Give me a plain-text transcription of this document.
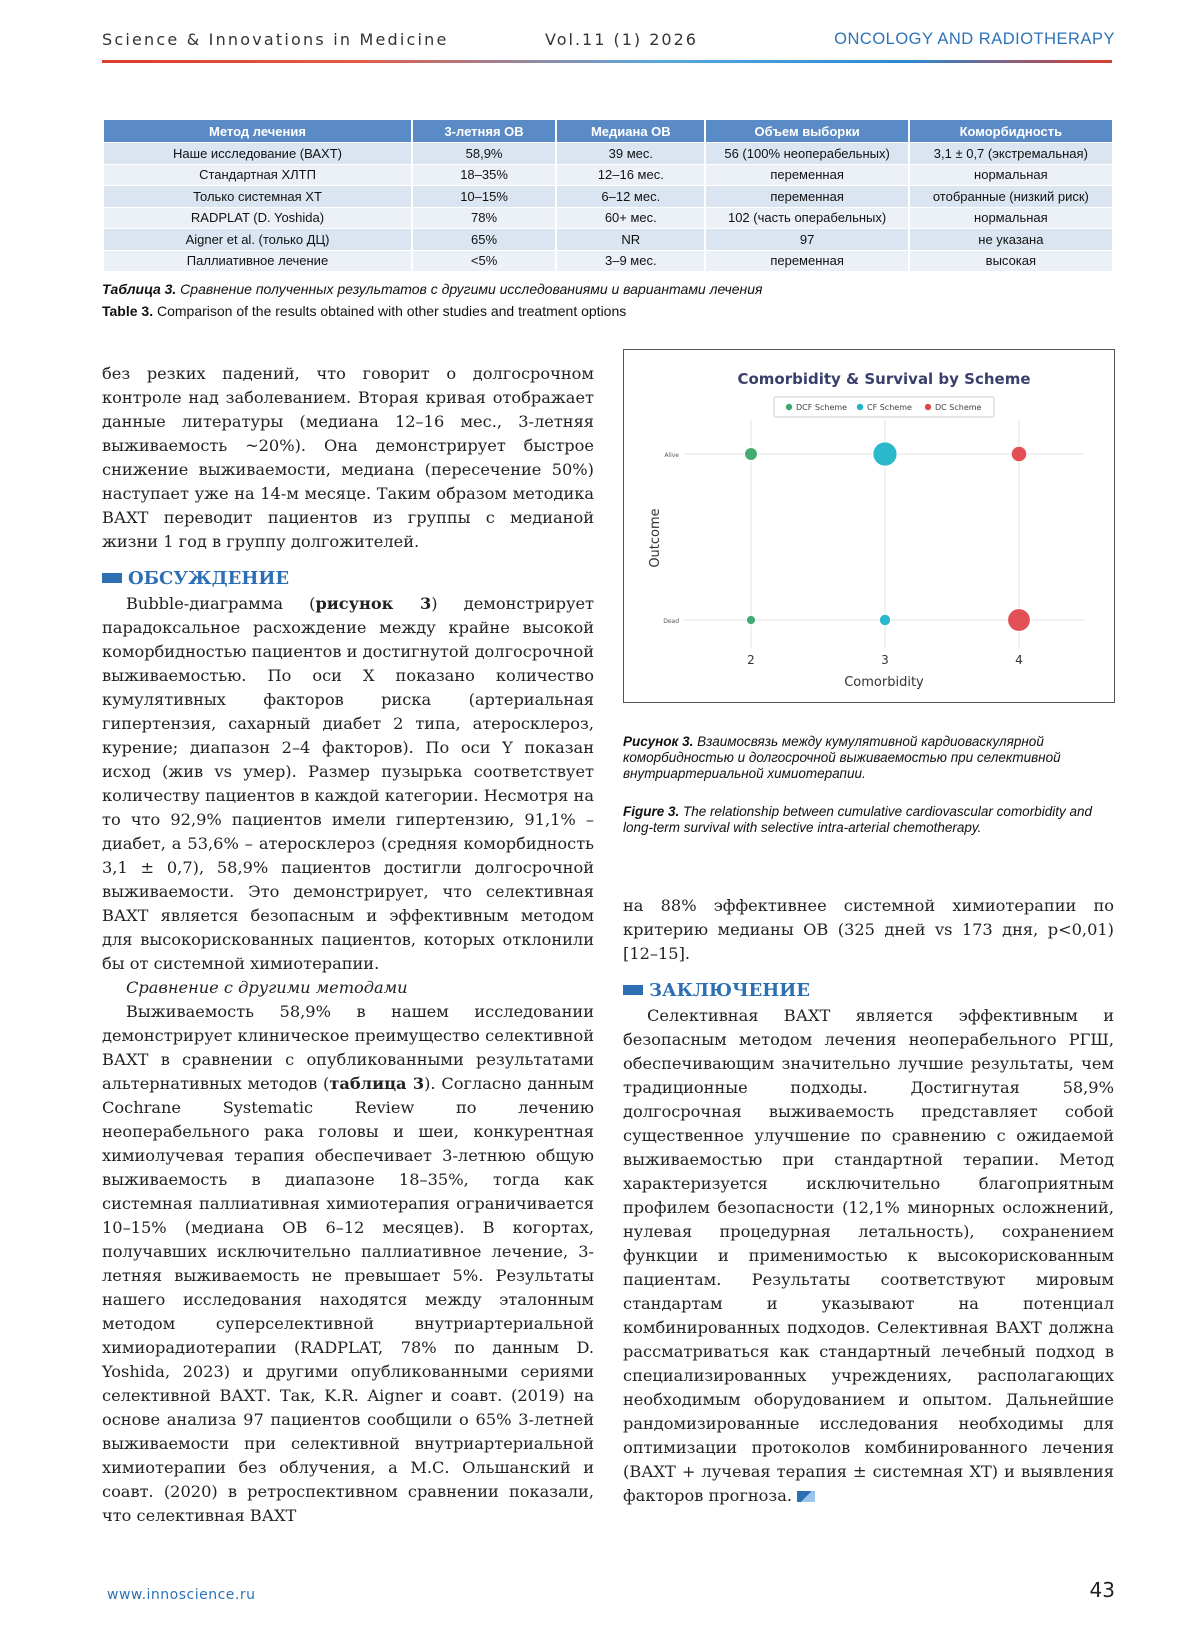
Science & Innovations in Medicine	Vol.11 (1) 2026	ONCOLOGY AND RADIOTHERAPY
Метод лечения	3-летняя ОВ	Медиана ОВ	Объем выборки	Коморбидность
Наше исследование (ВАХТ)	58,9%	39 мес.	56 (100% неоперабельных)	3,1 ± 0,7 (экстремальная)
Стандартная ХЛТП	18–35%	12–16 мес.	переменная	нормальная
Только системная ХТ	10–15%	6–12 мес.	переменная	отобранные (низкий риск)
RADPLAT (D. Yoshida)	78%	60+ мес.	102 (часть операбельных)	нормальная
Aigner et al. (только ДЦ)	65%	NR	97	не указана
Паллиативное лечение	<5%	3–9 мес.	переменная	высокая
Таблица 3. Сравнение полученных результатов с другими исследованиями и вариантами лечения
Table 3. Comparison of the results obtained with other studies and treatment options

без резких падений, что говорит о долгосрочном контроле над заболеванием. Вторая кривая отображает данные литературы (медиана 12–16 мес., 3-летняя выживаемость ~20%). Она демонстрирует быстрое снижение выживаемости, медиана (пересечение 50%) наступает уже на 14-м месяце. Таким образом методика ВАХТ переводит пациентов из группы с медианой жизни 1 год в группу долгожителей.

ОБСУЖДЕНИЕ

Bubble-диаграмма (рисунок 3) демонстрирует парадоксальное расхождение между крайне высокой коморбидностью пациентов и достигнутой долгосрочной выживаемостью. По оси X показано количество кумулятивных факторов риска (артериальная гипертензия, сахарный диабет 2 типа, атеросклероз, курение; диапазон 2–4 факторов). По оси Y показан исход (жив vs умер). Размер пузырька соответствует количеству пациентов в каждой категории. Несмотря на то что 92,9% пациентов имели гипертензию, 91,1% – диабет, а 53,6% – атеросклероз (средняя коморбидность 3,1 ± 0,7), 58,9% пациентов достигли долгосрочной выживаемости. Это демонстрирует, что селективная ВАХТ является безопасным и эффективным методом для высокорискованных пациентов, которых отклонили бы от системной химиотерапии.

Сравнение с другими методами

Выживаемость 58,9% в нашем исследовании демонстрирует клиническое преимущество селективной ВАХТ в сравнении с опубликованными результатами альтернативных методов (таблица 3). Согласно данным Cochrane Systematic Review по лечению неоперабельного рака головы и шеи, конкурентная химиолучевая терапия обеспечивает 3-летнюю общую выживаемость в диапазоне 18–35%, тогда как системная паллиативная химиотерапия ограничивается 10–15% (медиана ОВ 6–12 месяцев). В когортах, получавших исключительно паллиативное лечение, 3-летняя выживаемость не превышает 5%. Результаты нашего исследования находятся между эталонным методом суперселективной внутриартериальной химиорадиотерапии (RADPLAT, 78% по данным D. Yoshida, 2023) и другими опубликованными сериями селективной ВАХТ. Так, K.R. Aigner и соавт. (2019) на основе анализа 97 пациентов сообщили о 65% 3-летней выживаемости при селективной внутриартериальной химиотерапии без облучения, а М.С. Ольшанский и соавт. (2020) в ретроспективном сравнении показали, что селективная ВАХТ

Comorbidity & Survival by Scheme
DCF Scheme CF Scheme	DC Scheme
2	3	4
Dead
Alive
Outcome
Comorbidity
Рисунок 3. Взаимосвязь между кумулятивной кардиоваскулярной коморбидностью и долгосрочной выживаемостью при селективной внутриартериальной химиотерапии.
Figure 3. The relationship between cumulative cardiovascular comorbidity and long-term survival with selective intra-arterial chemotherapy.

на 88% эффективнее системной химиотерапии по критерию медианы ОВ (325 дней vs 173 дня, p<0,01) [12–15].

ЗАКЛЮЧЕНИЕ

Селективная ВАХТ является эффективным и безопасным методом лечения неоперабельного РГШ, обеспечивающим значительно лучшие результаты, чем традиционные подходы. Достигнутая 58,9% долгосрочная выживаемость представляет собой существенное улучшение по сравнению с ожидаемой выживаемостью при стандартной терапии. Метод характеризуется исключительно благоприятным профилем безопасности (12,1% минорных осложнений, нулевая процедурная летальность), сохранением функции и применимостью к высокорискованным пациентам. Результаты соответствуют мировым стандартам и указывают на потенциал комбинированных подходов. Селективная ВАХТ должна рассматриваться как стандартный лечебный подход в специализированных учреждениях, располагающих необходимым оборудованием и опытом. Дальнейшие рандомизированные исследования необходимы для оптимизации протоколов комбинированного лечения (ВАХТ + лучевая терапия ± системная ХТ) и выявления факторов прогноза.

www.innoscience.ru	43
